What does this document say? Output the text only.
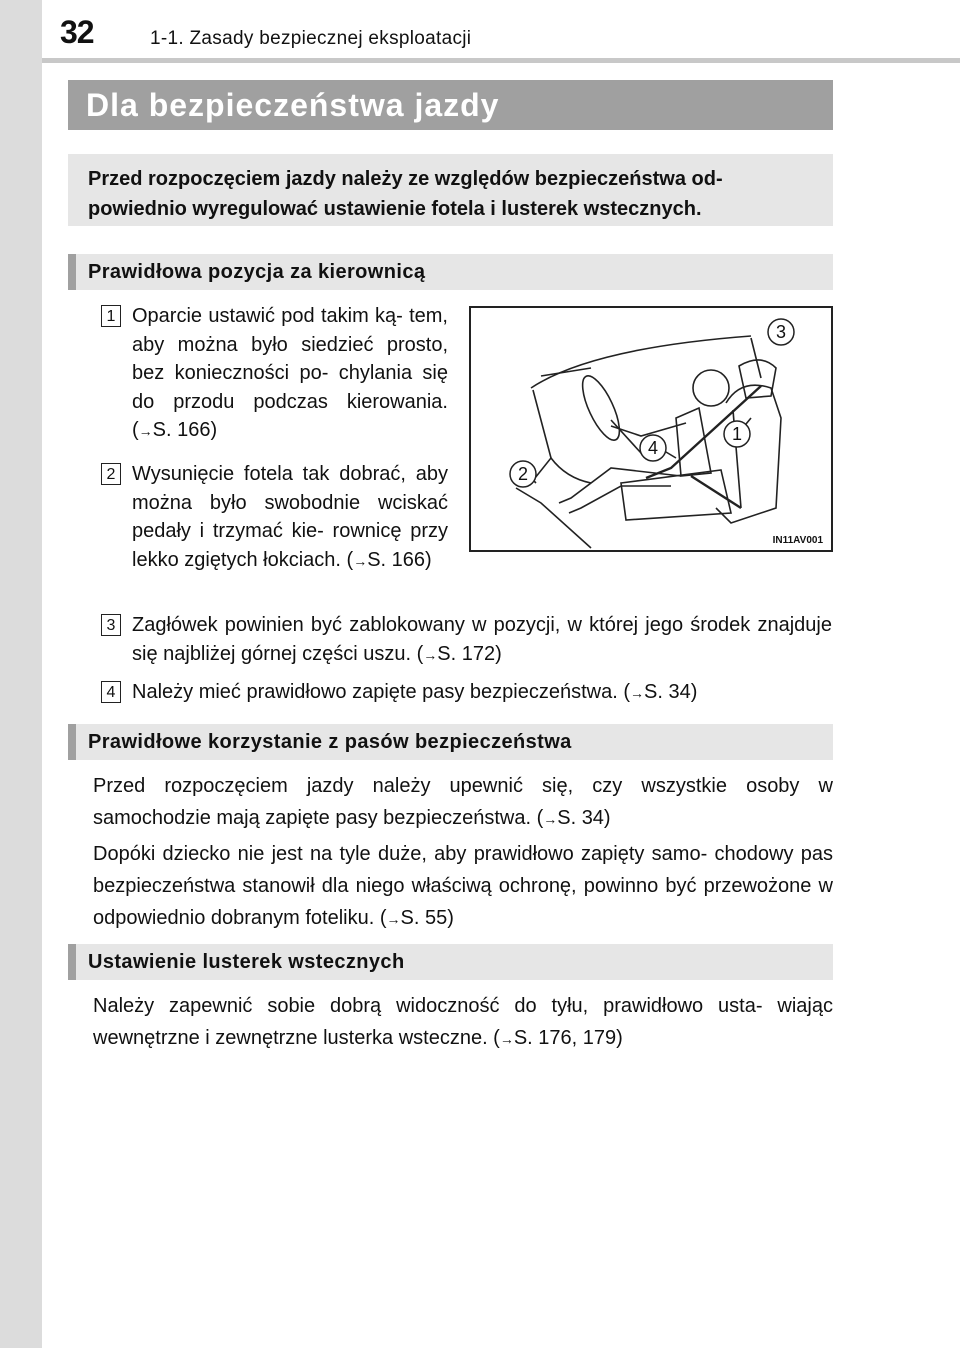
32	1-1. Zasady bezpiecznej eksploatacji
Dla bezpieczeństwa jazdy
Przed rozpoczęciem jazdy należy ze względów bezpieczeństwa od- powiednio wyregulować ustawienie fotela i lusterek wstecznych.
Prawidłowa pozycja za kierownicą
1 Oparcie ustawić pod takim ką- tem, aby można było siedzieć prosto, bez konieczności po- chylania się do przodu podczas kierowania. (→S. 166)
2 Wysunięcie fotela tak dobrać, aby można było swobodnie wciskać pedały i trzymać kie- rownicę przy lekko zgiętych łokciach. (→S. 166)
3
1
4
2
IN11AV001
3 Zagłówek powinien być zablokowany w pozycji, w której jego środek znajduje się najbliżej górnej części uszu. (→S. 172)
4 Należy mieć prawidłowo zapięte pasy bezpieczeństwa. (→S. 34)
Prawidłowe korzystanie z pasów bezpieczeństwa
Przed rozpoczęciem jazdy należy upewnić się, czy wszystkie osoby w samochodzie mają zapięte pasy bezpieczeństwa. (→S. 34)
Dopóki dziecko nie jest na tyle duże, aby prawidłowo zapięty samo- chodowy pas bezpieczeństwa stanowił dla niego właściwą ochronę, powinno być przewożone w odpowiednio dobranym foteliku. (→S. 55)
Ustawienie lusterek wstecznych
Należy zapewnić sobie dobrą widoczność do tyłu, prawidłowo usta- wiając wewnętrzne i zewnętrzne lusterka wsteczne. (→S. 176, 179)
